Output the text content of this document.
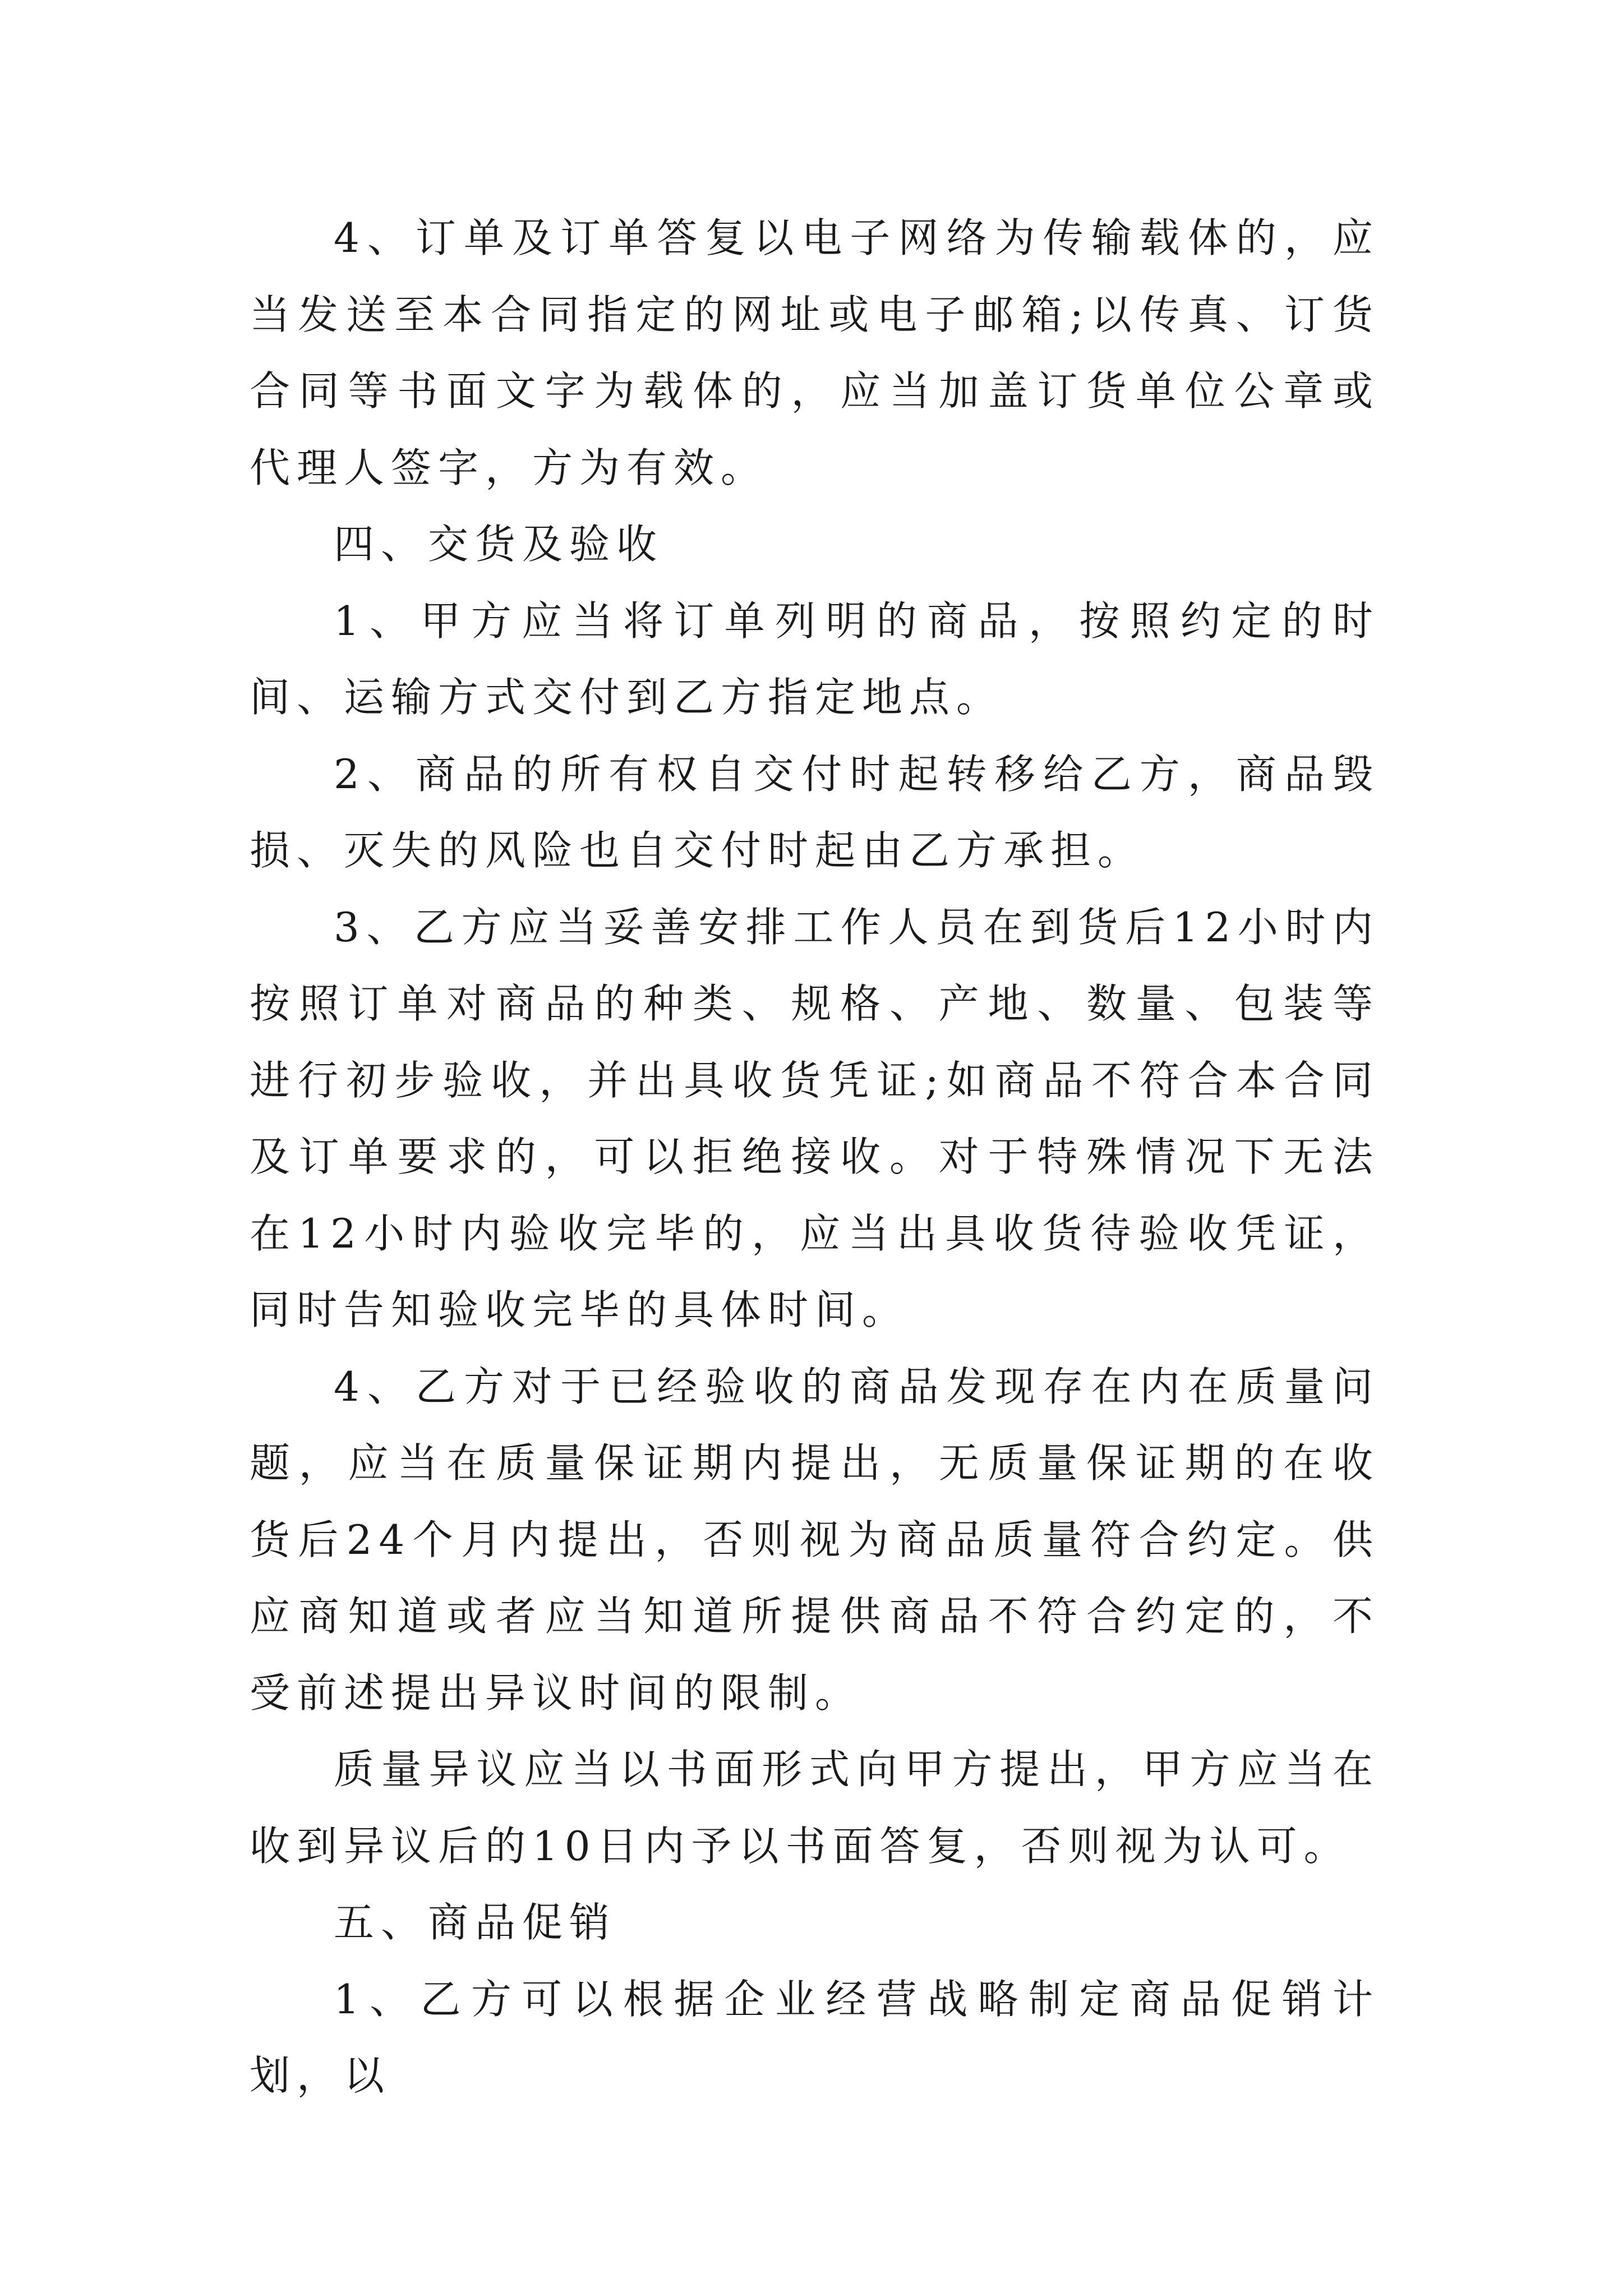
4、订单及订单答复以电子网络为传输载体的，应当发送至本合同指定的网址或电子邮箱;以传真、订货合同等书面文字为载体的，应当加盖订货单位公章或代理人签字，方为有效。

四、交货及验收

1、甲方应当将订单列明的商品，按照约定的时间、运输方式交付到乙方指定地点。

2、商品的所有权自交付时起转移给乙方，商品毁损、灭失的风险也自交付时起由乙方承担。

3、乙方应当妥善安排工作人员在到货后12小时内按照订单对商品的种类、规格、产地、数量、包装等进行初步验收，并出具收货凭证;如商品不符合本合同及订单要求的，可以拒绝接收。对于特殊情况下无法在12小时内验收完毕的，应当出具收货待验收凭证，同时告知验收完毕的具体时间。

4、乙方对于已经验收的商品发现存在内在质量问题，应当在质量保证期内提出，无质量保证期的在收货后24个月内提出，否则视为商品质量符合约定。供应商知道或者应当知道所提供商品不符合约定的，不受前述提出异议时间的限制。

质量异议应当以书面形式向甲方提出，甲方应当在收到异议后的10日内予以书面答复，否则视为认可。

五、商品促销

1、乙方可以根据企业经营战略制定商品促销计划，以
